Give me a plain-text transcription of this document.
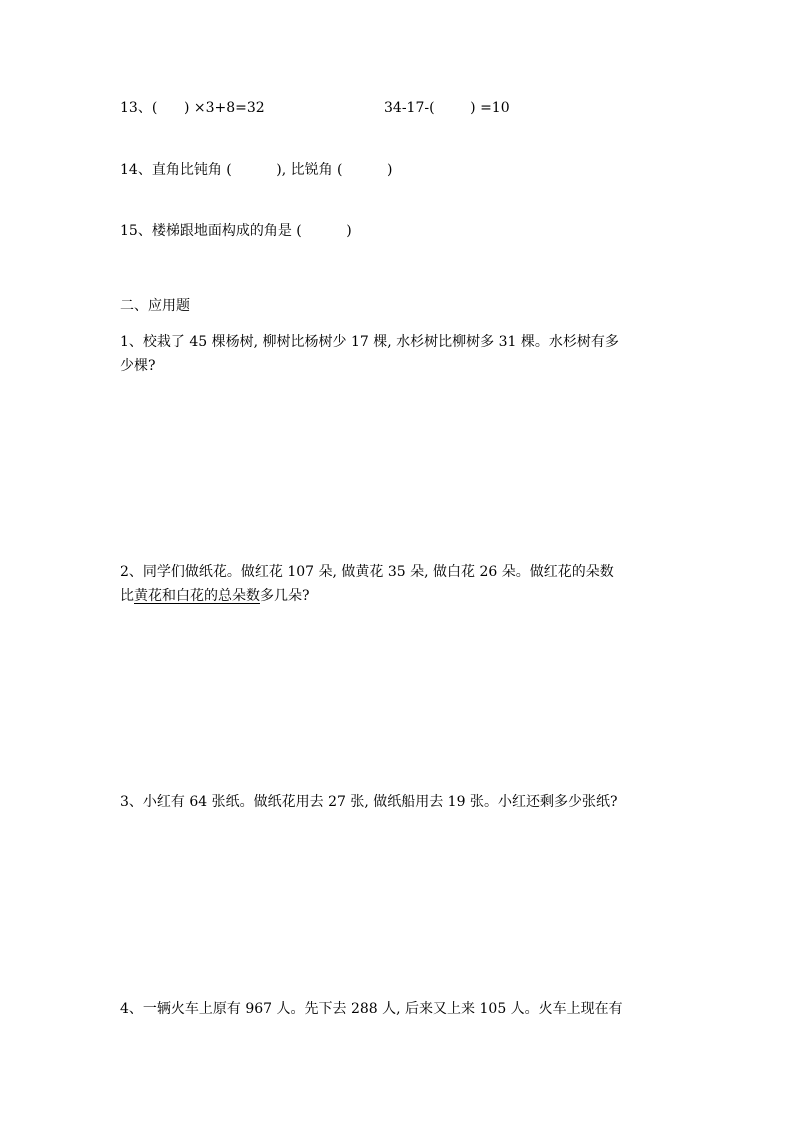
13、(      ) ×3+8=32	34-17-(        ) =10
14、直角比钝角 (          ), 比锐角 (          )
15、楼梯跟地面构成的角是 (          )
二、应用题
1、校栽了 45 棵杨树, 柳树比杨树少 17 棵, 水杉树比柳树多 31 棵。水杉树有多
少棵?
2、同学们做纸花。做红花 107 朵, 做黄花 35 朵, 做白花 26 朵。做红花的朵数
比黄花和白花的总朵数多几朵?
3、小红有 64 张纸。做纸花用去 27 张, 做纸船用去 19 张。小红还剩多少张纸?
4、一辆火车上原有 967 人。先下去 288 人, 后来又上来 105 人。火车上现在有
